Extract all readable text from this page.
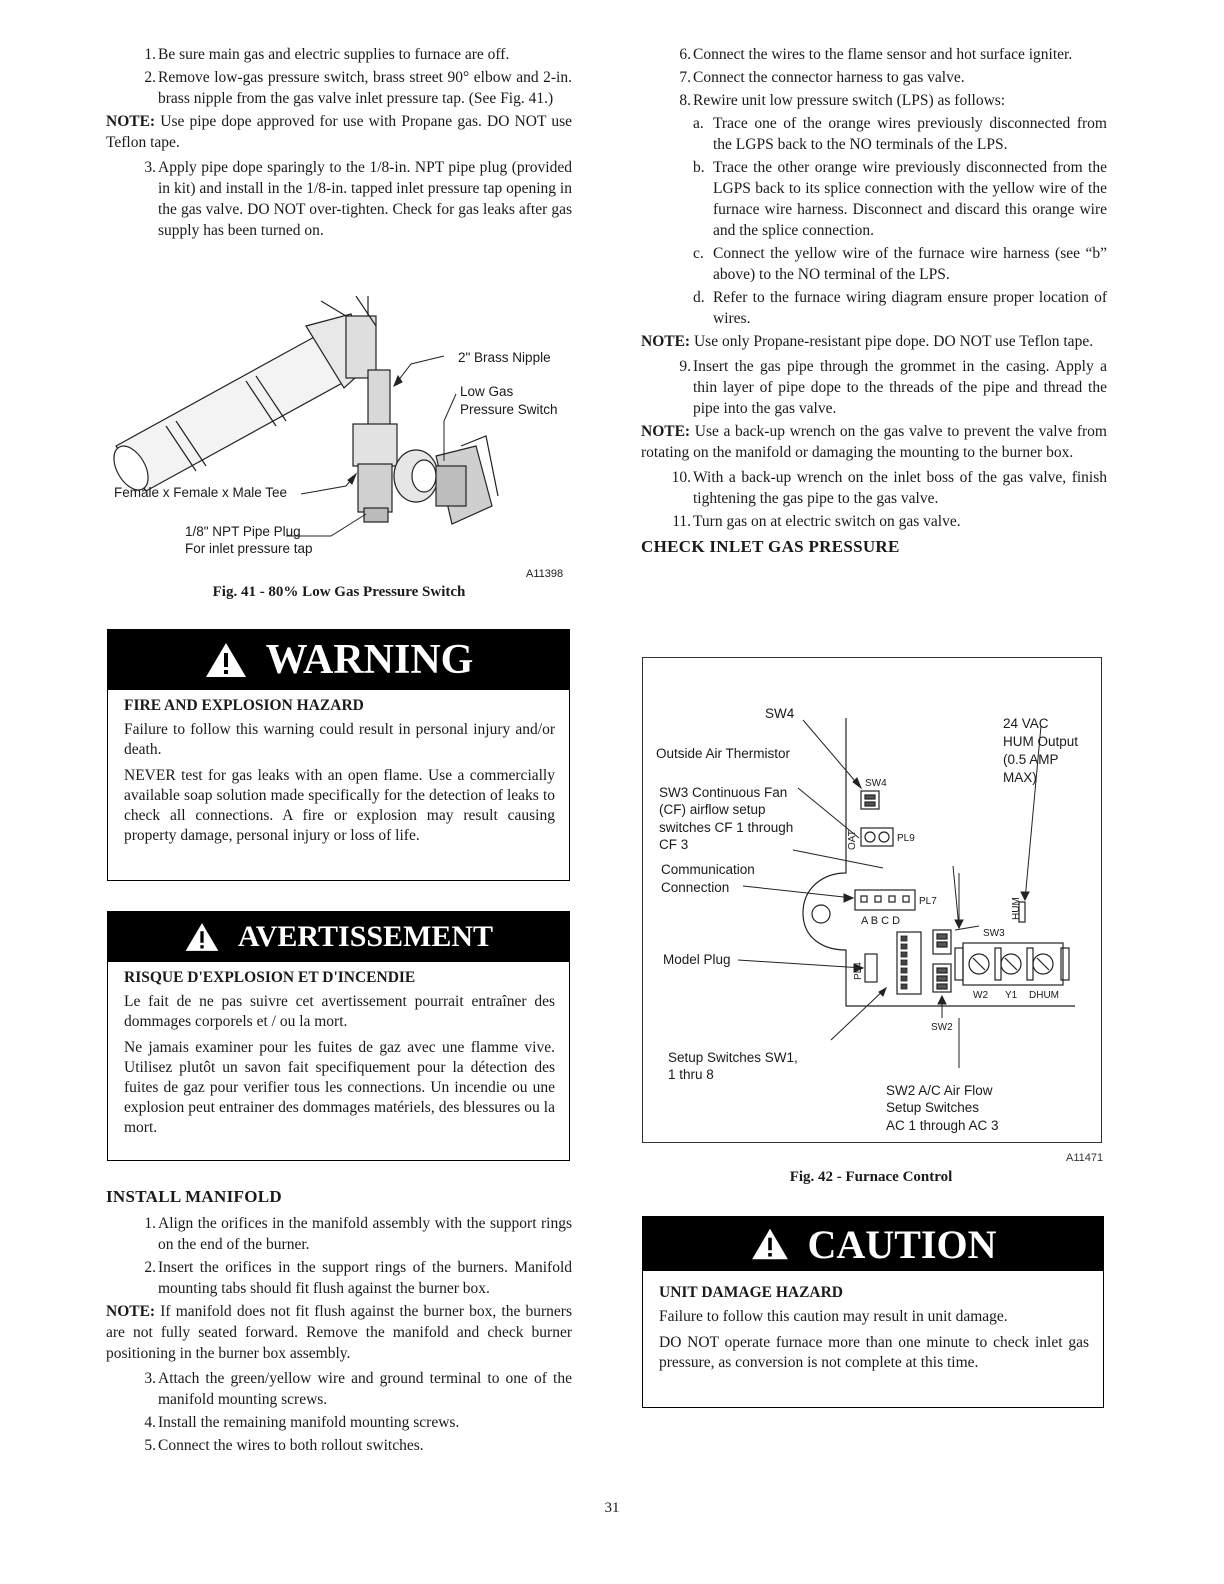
1. Be sure main gas and electric supplies to furnace are off.
2. Remove low-gas pressure switch, brass street 90° elbow and 2-in. brass nipple from the gas valve inlet pressure tap. (See Fig. 41.)

NOTE: Use pipe dope approved for use with Propane gas. DO NOT use Teflon tape.

3. Apply pipe dope sparingly to the 1/8-in. NPT pipe plug (provided in kit) and install in the 1/8-in. tapped inlet pressure tap opening in the gas valve. DO NOT over-tighten. Check for gas leaks after gas supply has been turned on.
2" Brass Nipple
Low Gas
Pressure Switch
Female x Female x Male Tee
1/8" NPT Pipe Plug
For inlet pressure tap
A11398
Fig. 41 - 80% Low Gas Pressure Switch
WARNING
FIRE AND EXPLOSION HAZARD

Failure to follow this warning could result in personal injury and/or death.

NEVER test for gas leaks with an open flame. Use a commercially available soap solution made specifically for the detection of leaks to check all connections. A fire or explosion may result causing property damage, personal injury or loss of life.

AVERTISSEMENT
RISQUE D'EXPLOSION ET D'INCENDIE

Le fait de ne pas suivre cet avertissement pourrait entraîner des dommages corporels et / ou la mort.

Ne jamais examiner pour les fuites de gaz avec une flamme vive. Utilisez plutôt un savon fait specifiquement pour la détection des fuites de gaz pour verifier tous les connections. Un incendie ou une explosion peut entrainer des dommages matériels, des blessures ou la mort.

INSTALL MANIFOLD
1. Align the orifices in the manifold assembly with the support rings on the end of the burner.
2. Insert the orifices in the support rings of the burners. Manifold mounting tabs should fit flush against the burner box.

NOTE: If manifold does not fit flush against the burner box, the burners are not fully seated forward. Remove the manifold and check burner positioning in the burner box assembly.

3. Attach the green/yellow wire and ground terminal to one of the manifold mounting screws.
4. Install the remaining manifold mounting screws.
5. Connect the wires to both rollout switches.
6. Connect the wires to the flame sensor and hot surface igniter.
7. Connect the connector harness to gas valve.
8. Rewire unit low pressure switch (LPS) as follows:
a. Trace one of the orange wires previously disconnected from the LGPS back to the NO terminals of the LPS.
b. Trace the other orange wire previously disconnected from the LGPS back to its splice connection with the yellow wire of the furnace wire harness. Disconnect and discard this orange wire and the splice connection.
c. Connect the yellow wire of the furnace wire harness (see “b” above) to the NO terminal of the LPS.
d. Refer to the furnace wiring diagram ensure proper location of wires.

NOTE: Use only Propane-resistant pipe dope. DO NOT use Teflon tape.

9. Insert the gas pipe through the grommet in the casing. Apply a thin layer of pipe dope to the threads of the pipe and thread the pipe into the gas valve.

NOTE: Use a back-up wrench on the gas valve to prevent the valve from rotating on the manifold or damaging the mounting to the burner box.

10. With a back-up wrench on the inlet boss of the gas valve, finish tightening the gas pipe to the gas valve.
11. Turn gas on at electric switch on gas valve.
CHECK INLET GAS PRESSURE
SW4
Outside Air Thermistor
SW3 Continuous Fan
(CF) airflow setup
switches CF 1 through
CF 3
Communication
Connection
Model Plug
Setup Switches SW1,
1 thru 8
SW2 A/C Air Flow
Setup Switches
AC 1 through AC 3
24 VAC
HUM Output
(0.5 AMP
MAX)
SW4
OAT	PL9
PL7
A B C D
PL4
SW3
SW2
HUM
W2 Y1 DHUM
A11471
Fig. 42 - Furnace Control
CAUTION
UNIT DAMAGE HAZARD

Failure to follow this caution may result in unit damage.

DO NOT operate furnace more than one minute to check inlet gas pressure, as conversion is not complete at this time.

31
